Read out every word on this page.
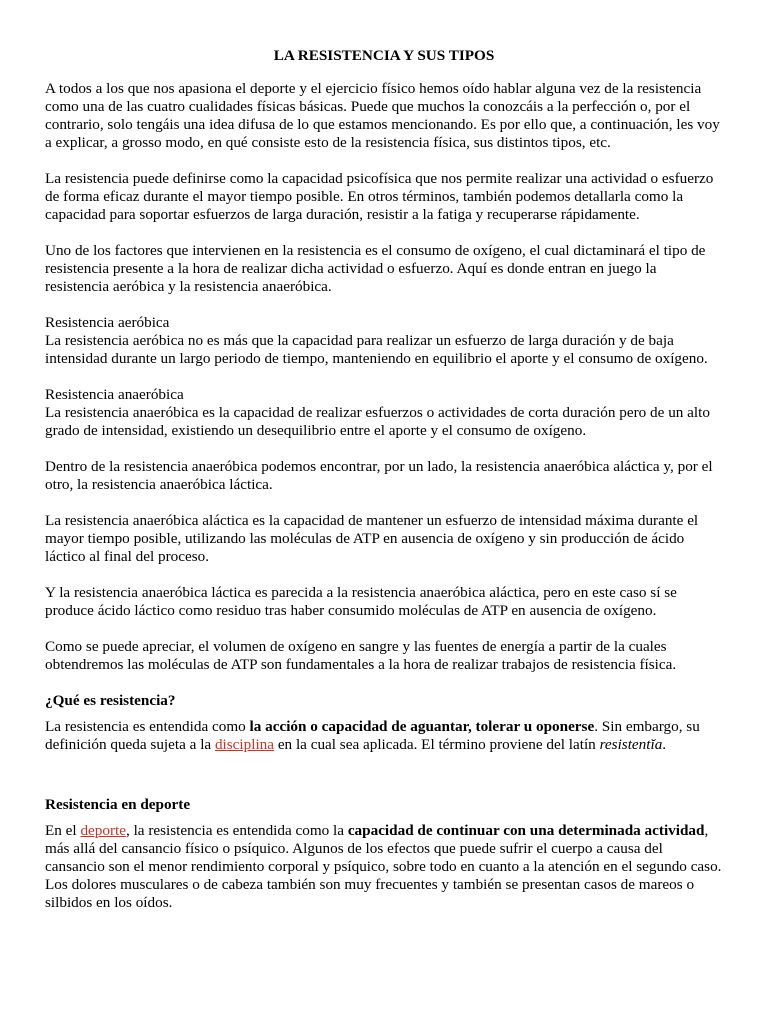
LA RESISTENCIA Y SUS TIPOS

A todos a los que nos apasiona el deporte y el ejercicio físico hemos oído hablar alguna vez de la resistencia como una de las cuatro cualidades físicas básicas. Puede que muchos la conozcáis a la perfección o, por el contrario, solo tengáis una idea difusa de lo que estamos mencionando. Es por ello que, a continuación, les voy a explicar, a grosso modo, en qué consiste esto de la resistencia física, sus distintos tipos, etc.

La resistencia puede definirse como la capacidad psicofísica que nos permite realizar una actividad o esfuerzo de forma eficaz durante el mayor tiempo posible. En otros términos, también podemos detallarla como la capacidad para soportar esfuerzos de larga duración, resistir a la fatiga y recuperarse rápidamente.

Uno de los factores que intervienen en la resistencia es el consumo de oxígeno, el cual dictaminará el tipo de resistencia presente a la hora de realizar dicha actividad o esfuerzo. Aquí es donde entran en juego la resistencia aeróbica y la resistencia anaeróbica.

Resistencia aeróbica

La resistencia aeróbica no es más que la capacidad para realizar un esfuerzo de larga duración y de baja intensidad durante un largo periodo de tiempo, manteniendo en equilibrio el aporte y el consumo de oxígeno.

Resistencia anaeróbica

La resistencia anaeróbica es la capacidad de realizar esfuerzos o actividades de corta duración pero de un alto grado de intensidad, existiendo un desequilibrio entre el aporte y el consumo de oxígeno.

Dentro de la resistencia anaeróbica podemos encontrar, por un lado, la resistencia anaeróbica aláctica y, por el otro, la resistencia anaeróbica láctica.

La resistencia anaeróbica aláctica es la capacidad de mantener un esfuerzo de intensidad máxima durante el mayor tiempo posible, utilizando las moléculas de ATP en ausencia de oxígeno y sin producción de ácido láctico al final del proceso.

Y la resistencia anaeróbica láctica es parecida a la resistencia anaeróbica aláctica, pero en este caso sí se produce ácido láctico como residuo tras haber consumido moléculas de ATP en ausencia de oxígeno.

Como se puede apreciar, el volumen de oxígeno en sangre y las fuentes de energía a partir de la cuales obtendremos las moléculas de ATP son fundamentales a la hora de realizar trabajos de resistencia física.

¿Qué es resistencia?

La resistencia es entendida como la acción o capacidad de aguantar, tolerar u oponerse. Sin embargo, su definición queda sujeta a la disciplina en la cual sea aplicada. El término proviene del latín resistentĭa.

Resistencia en deporte

En el deporte, la resistencia es entendida como la capacidad de continuar con una determinada actividad, más allá del cansancio físico o psíquico. Algunos de los efectos que puede sufrir el cuerpo a causa del cansancio son el menor rendimiento corporal y psíquico, sobre todo en cuanto a la atención en el segundo caso. Los dolores musculares o de cabeza también son muy frecuentes y también se presentan casos de mareos o silbidos en los oídos.
